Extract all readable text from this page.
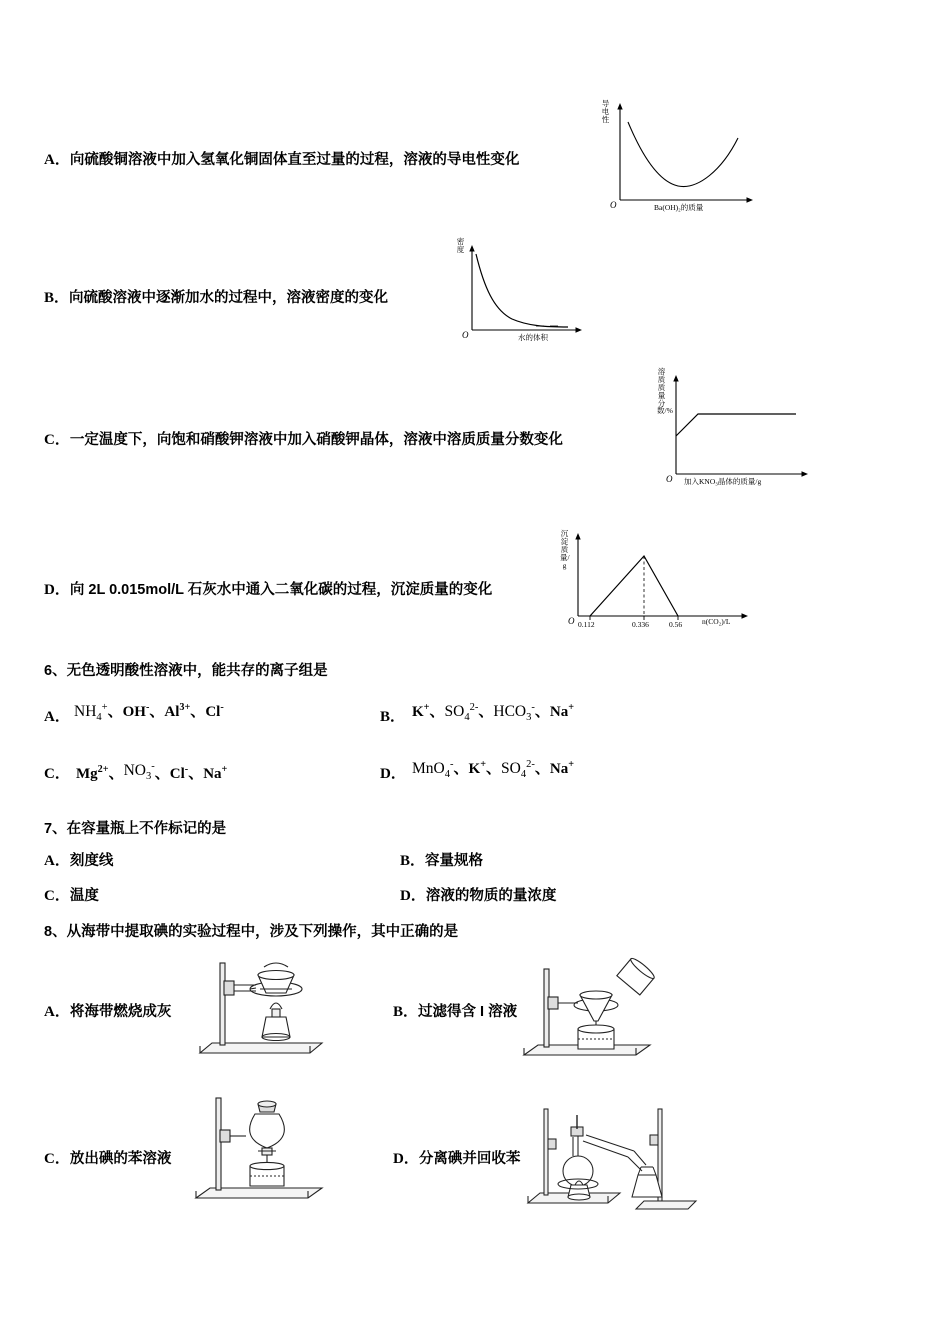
A．向硫酸铜溶液中加入氢氧化铜固体直至过量的过程，溶液的导电性变化
导电性
O	Ba(OH)₂的质量
B．向硫酸溶液中逐渐加水的过程中，溶液密度的变化
密度
O	水的体积
C．一定温度下，向饱和硝酸钾溶液中加入硝酸钾晶体，溶液中溶质质量分数变化
溶质质量分数/%
O 加入KNO₃晶体的质量/g
D．向 2L 0.015mol/L 石灰水中通入二氧化碳的过程，沉淀质量的变化
沉淀质量/g
O 0.112	0.336	0.56	n(CO₂)/L
6、无色透明酸性溶液中，能共存的离子组是
A． $NH_4^+$、OH-、$Al^{3+}$、Cl-
B． K+、$SO_4^{2-}$、$HCO_3^-$、Na+
C． $Mg^{2+}$、$NO_3^-$、Cl-、Na+	D． MnO$_4$-、K+、$SO_4^{2-}$、Na+
7、在容量瓶上不作标记的是
A．刻度线	B．容量规格
C．温度	D．溶液的物质的量浓度
8、从海带中提取碘的实验过程中，涉及下列操作，其中正确的是
A．将海带燃烧成灰	B．过滤得含 I 溶液
C．放出碘的苯溶液	D．分离碘并回收苯
